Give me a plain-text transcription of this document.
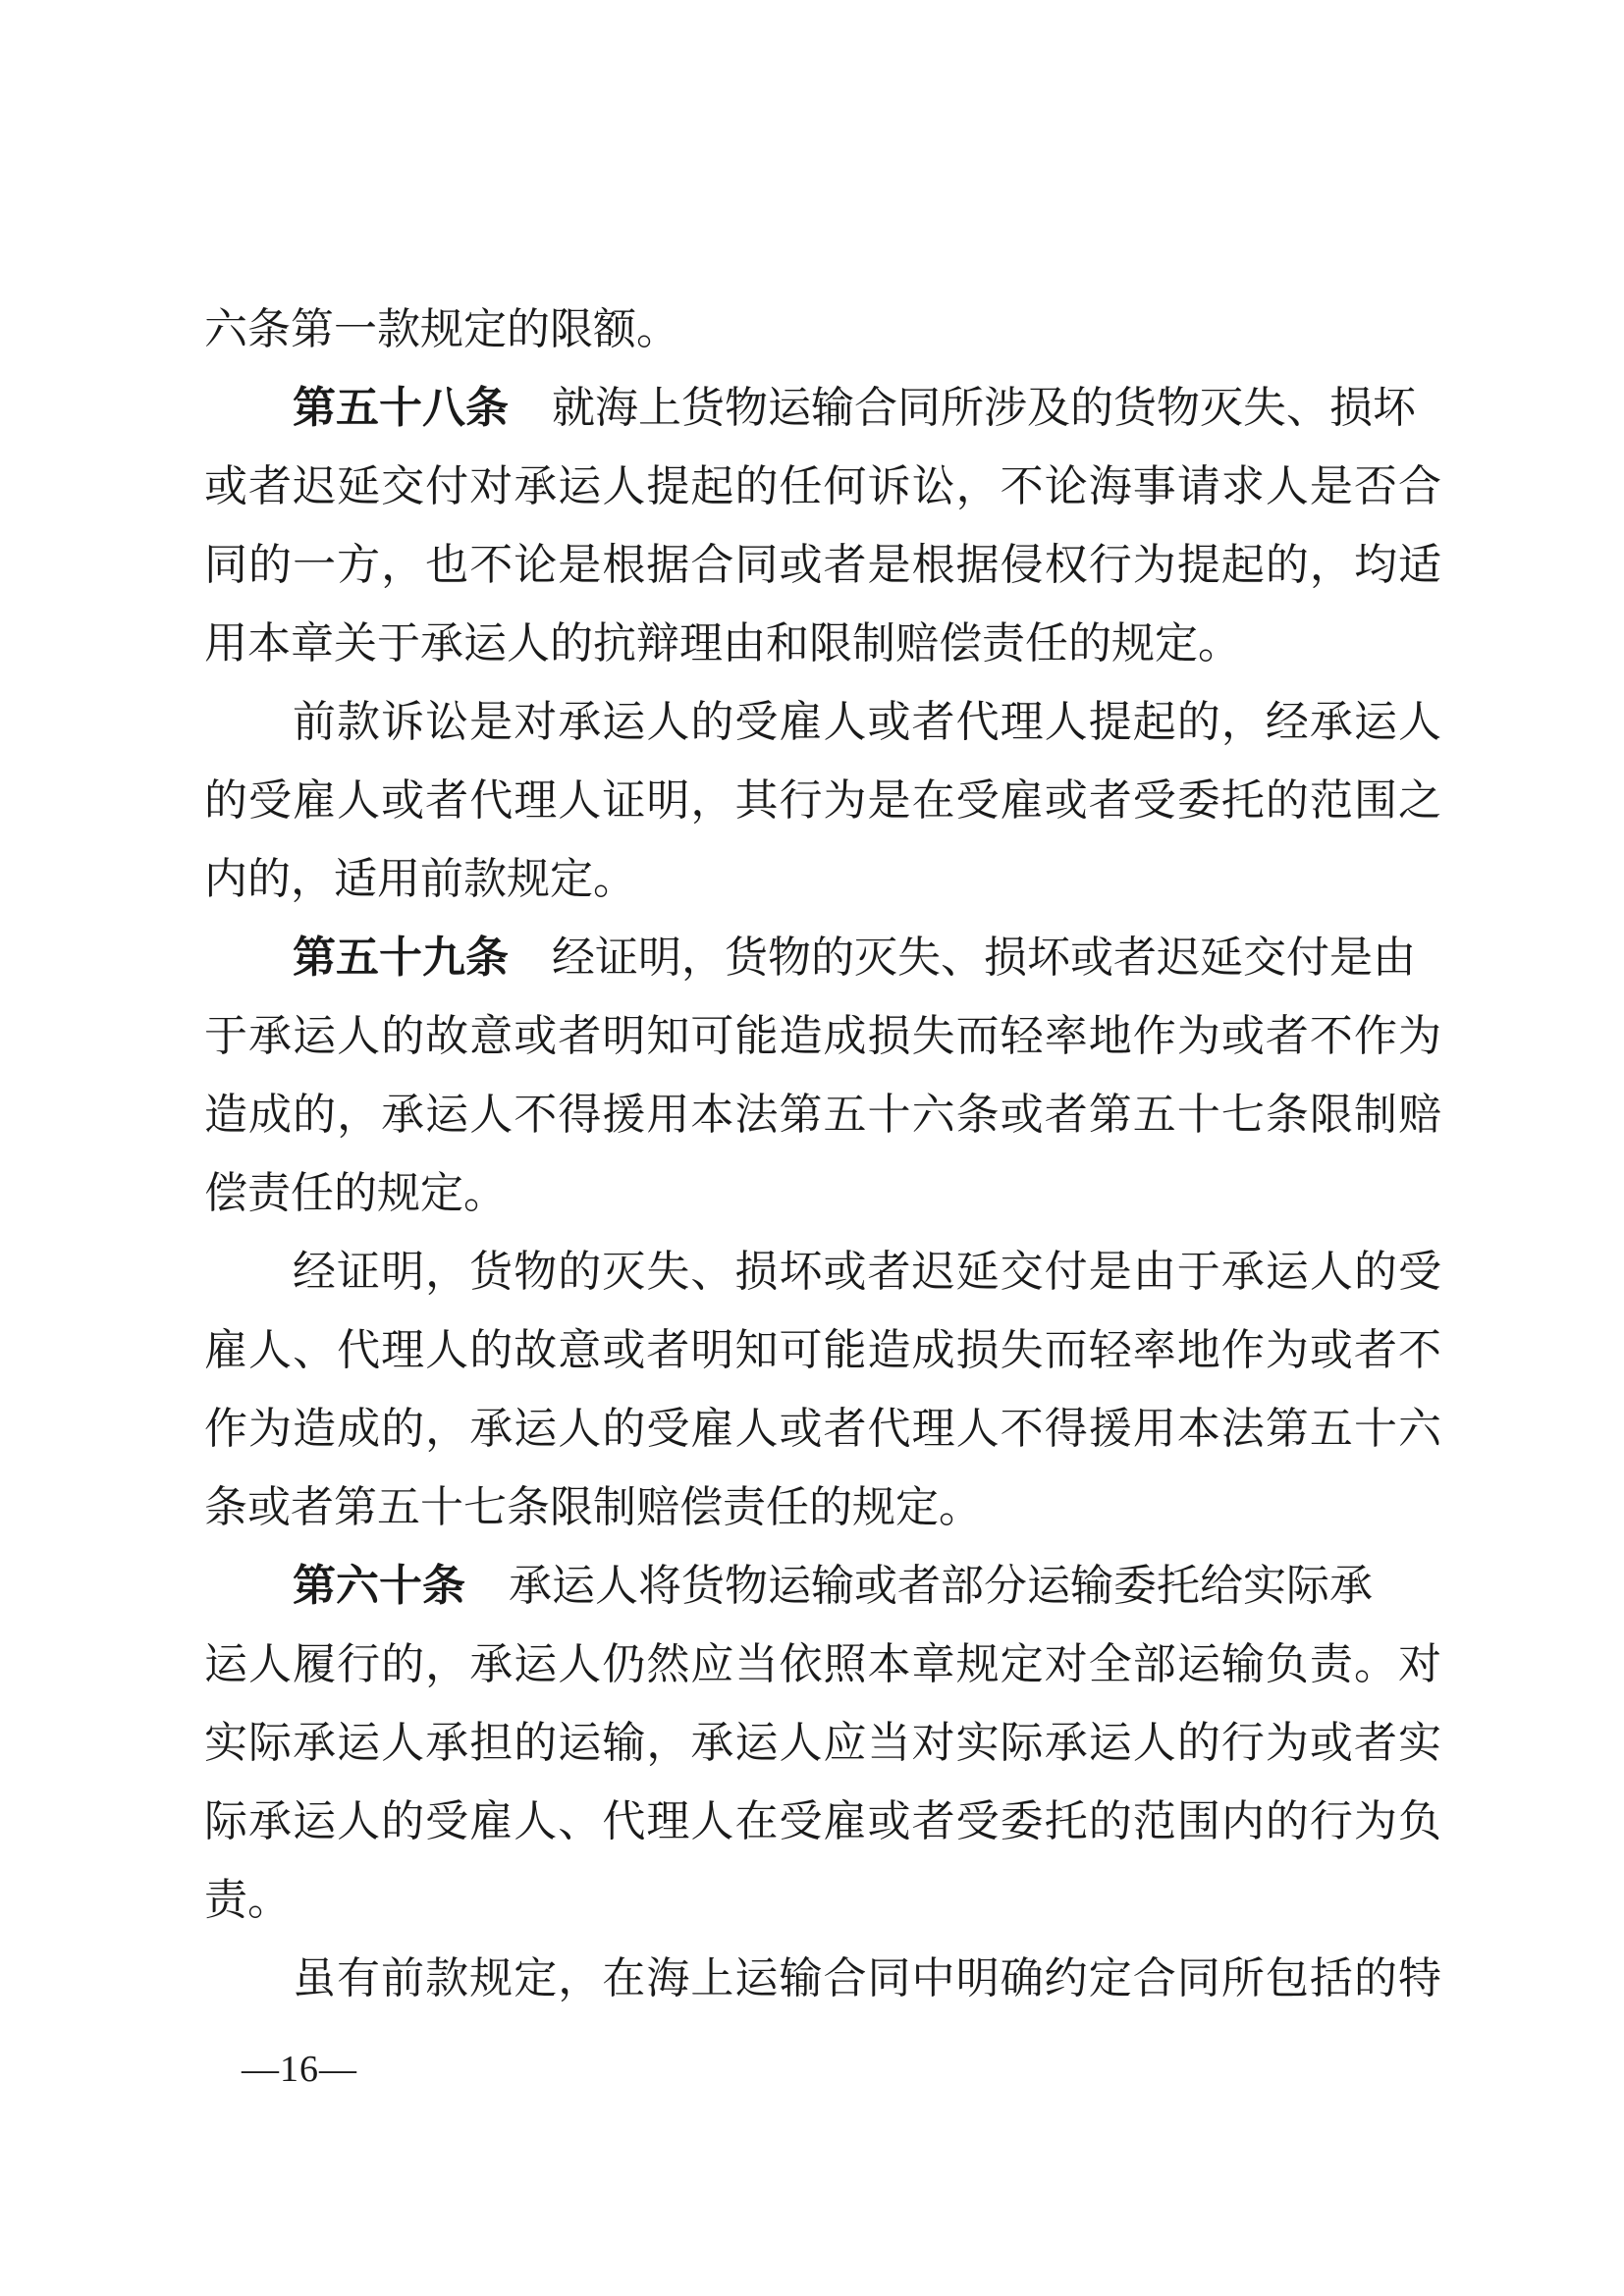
六条第一款规定的限额。
第五十八条　就海上货物运输合同所涉及的货物灭失、损坏
或者迟延交付对承运人提起的任何诉讼，不论海事请求人是否合
同的一方，也不论是根据合同或者是根据侵权行为提起的，均适
用本章关于承运人的抗辩理由和限制赔偿责任的规定。
前款诉讼是对承运人的受雇人或者代理人提起的，经承运人
的受雇人或者代理人证明，其行为是在受雇或者受委托的范围之
内的，适用前款规定。
第五十九条　经证明，货物的灭失、损坏或者迟延交付是由
于承运人的故意或者明知可能造成损失而轻率地作为或者不作为
造成的，承运人不得援用本法第五十六条或者第五十七条限制赔
偿责任的规定。
经证明，货物的灭失、损坏或者迟延交付是由于承运人的受
雇人、代理人的故意或者明知可能造成损失而轻率地作为或者不
作为造成的，承运人的受雇人或者代理人不得援用本法第五十六
条或者第五十七条限制赔偿责任的规定。
第六十条　承运人将货物运输或者部分运输委托给实际承
运人履行的，承运人仍然应当依照本章规定对全部运输负责。对
实际承运人承担的运输，承运人应当对实际承运人的行为或者实
际承运人的受雇人、代理人在受雇或者受委托的范围内的行为负
责。
虽有前款规定，在海上运输合同中明确约定合同所包括的特
—16—
